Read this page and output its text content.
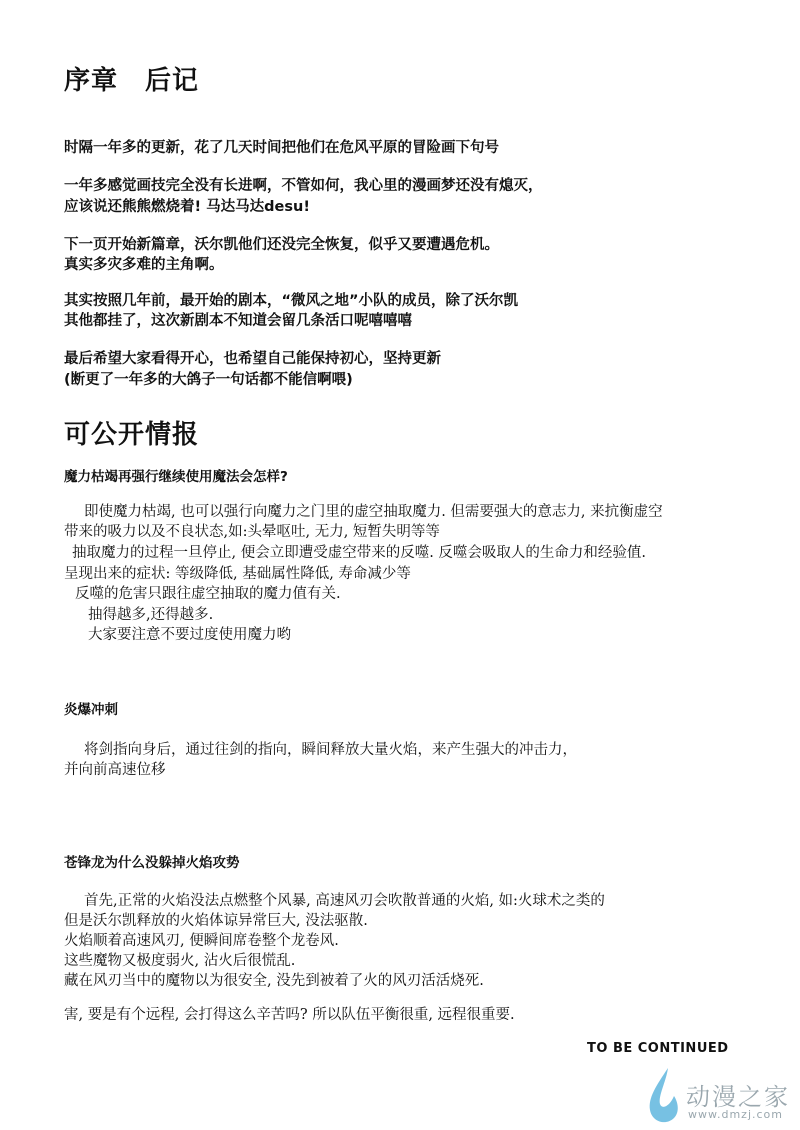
序章　后记
时隔一年多的更新，花了几天时间把他们在危风平原的冒险画下句号
一年多感觉画技完全没有长进啊，不管如何，我心里的漫画梦还没有熄灭，
应该说还熊熊燃烧着! 马达马达desu!
下一页开始新篇章，沃尔凯他们还没完全恢复，似乎又要遭遇危机。
真实多灾多难的主角啊。
其实按照几年前，最开始的剧本，“微风之地”小队的成员，除了沃尔凯
其他都挂了，这次新剧本不知道会留几条活口呢嘻嘻嘻
最后希望大家看得开心，也希望自己能保持初心，坚持更新
(断更了一年多的大鸽子一句话都不能信啊喂)
可公开情报
魔力枯竭再强行继续使用魔法会怎样?
即使魔力枯竭, 也可以强行向魔力之门里的虚空抽取魔力. 但需要强大的意志力, 来抗衡虚空
带来的吸力以及不良状态,如:头晕呕吐, 无力, 短暂失明等等
抽取魔力的过程一旦停止, 便会立即遭受虚空带来的反噬. 反噬会吸取人的生命力和经验值.
呈现出来的症状: 等级降低, 基础属性降低, 寿命减少等
反噬的危害只跟往虚空抽取的魔力值有关.
抽得越多,还得越多.
大家要注意不要过度使用魔力哟
炎爆冲刺
将剑指向身后，通过往剑的指向，瞬间释放大量火焰，来产生强大的冲击力，
并向前高速位移
苍锋龙为什么没躲掉火焰攻势
首先,正常的火焰没法点燃整个风暴, 高速风刃会吹散普通的火焰, 如:火球术之类的
但是沃尔凯释放的火焰体谅异常巨大, 没法驱散.
火焰顺着高速风刃, 便瞬间席卷整个龙卷风.
这些魔物又极度弱火, 沾火后很慌乱.
藏在风刃当中的魔物以为很安全, 没先到被着了火的风刃活活烧死.
害, 要是有个远程, 会打得这么辛苦吗? 所以队伍平衡很重, 远程很重要.
TO BE CONTINUED
动漫之家
www.dmzj.com
